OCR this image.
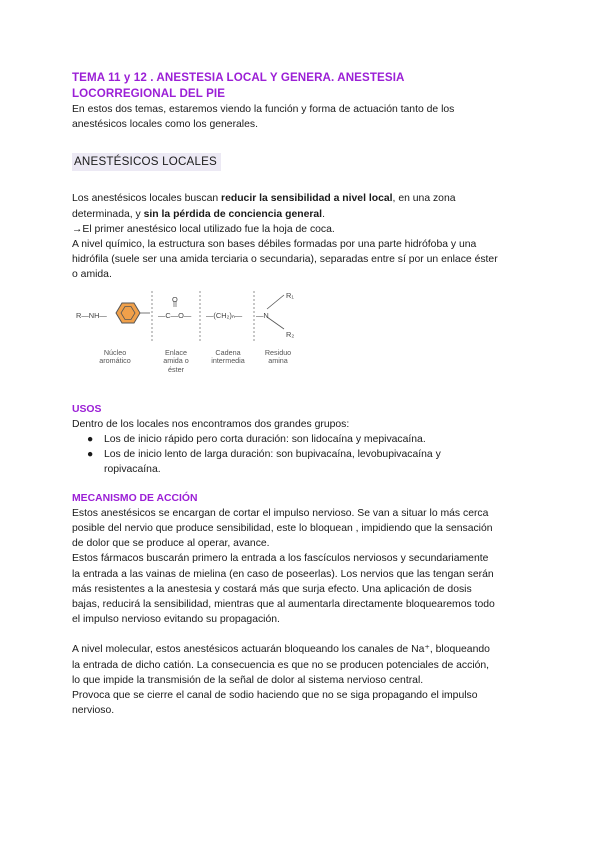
TEMA 11 y 12 . ANESTESIA LOCAL Y GENERA. ANESTESIA
LOCORREGIONAL DEL PIE

En estos dos temas, estaremos viendo la función y forma de actuación tanto de los

anestésicos locales como los generales.

ANESTÉSICOS LOCALES

Los anestésicos locales buscan reducir la sensibilidad a nivel local, en una zona

determinada, y sin la pérdida de conciencia general.

→El primer anestésico local utilizado fue la hoja de coca.

A nivel químico, la estructura son bases débiles formadas por una parte hidrófoba y una

hidrófila (suele ser una amida terciaria o secundaria), separadas entre sí por un enlace éster

o amida.

R—NH—
O
—C—O— —(CH₂)ₙ— —N
R₁
R₂
Núcleo
aromático
Enlace
amida o
éster
Cadena
intermedia
Residuo
amina

USOS

Dentro de los locales nos encontramos dos grandes grupos:

● Los de inicio rápido pero corta duración: son lidocaína y mepivacaína.
● Los de inicio lento de larga duración: son bupivacaína, levobupivacaína y
ropivacaína.

MECANISMO DE ACCIÓN

Estos anestésicos se encargan de cortar el impulso nervioso. Se van a situar lo más cerca

posible del nervio que produce sensibilidad, este lo bloquean , impidiendo que la sensación

de dolor que se produce al operar, avance.

Estos fármacos buscarán primero la entrada a los fascículos nerviosos y secundariamente

la entrada a las vainas de mielina (en caso de poseerlas). Los nervios que las tengan serán

más resistentes a la anestesia y costará más que surja efecto. Una aplicación de dosis

bajas, reducirá la sensibilidad, mientras que al aumentarla directamente bloquearemos todo

el impulso nervioso evitando su propagación.

A nivel molecular, estos anestésicos actuarán bloqueando los canales de Na⁺, bloqueando

la entrada de dicho catión. La consecuencia es que no se producen potenciales de acción,

lo que impide la transmisión de la señal de dolor al sistema nervioso central.

Provoca que se cierre el canal de sodio haciendo que no se siga propagando el impulso

nervioso.
